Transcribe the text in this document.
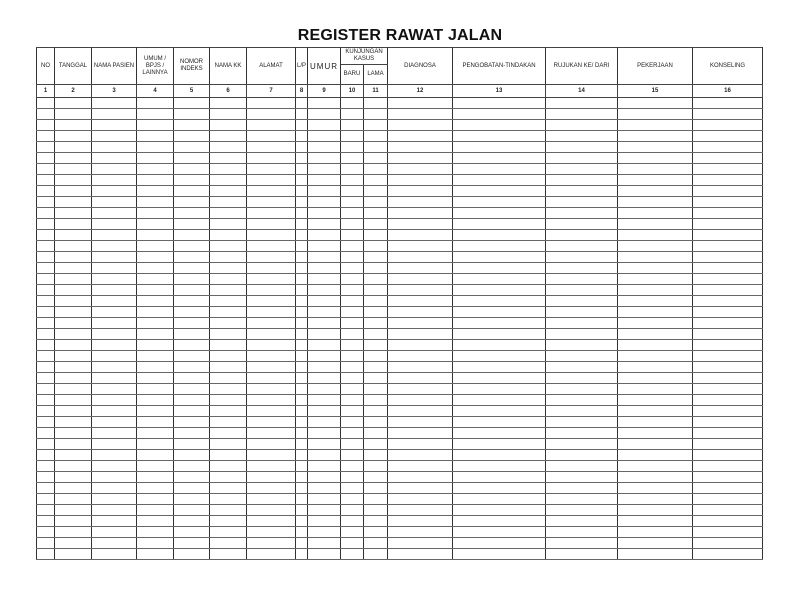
REGISTER RAWAT JALAN
NO	TANGGAL	NAMA PASIEN	UMUM / BPJS / LAINNYA	NOMOR INDEKS	NAMA KK	ALAMAT	L/P	UMUR	KUNJUNGAN KASUS		DIAGNOSA	PENGOBATAN-TINDAKAN	RUJUKAN KE/ DARI	PEKERJAAN	KONSELING
									BARU	LAMA					
1	2	3	4	5	6	7	8	9	10	11	12	13	14	15	16
